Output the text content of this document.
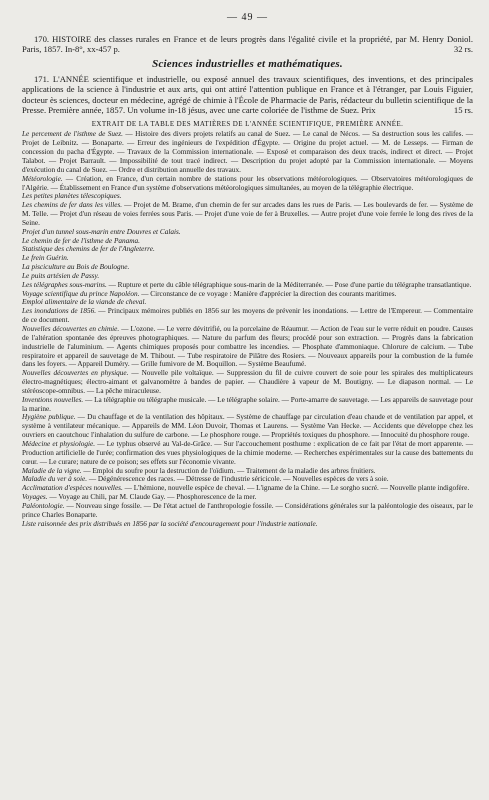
— 49 —

170. HISTOIRE des classes rurales en France et de leurs progrès dans l'égalité civile et la propriété, par M. Henry Doniol. Paris, 1857. In-8°, xx-457 p.	32 rs.

Sciences industrielles et mathématiques.

171. L'ANNÉE scientifique et industrielle, ou exposé annuel des travaux scientifiques, des inventions, et des principales applications de la science à l'industrie et aux arts, qui ont attiré l'attention publique en France et à l'étranger, par Louis Figuier, docteur ès sciences, docteur en médecine, agrégé de chimie à l'École de Pharmacie de Paris, rédacteur du bulletin scientifique de la Presse. Première année, 1857. Un volume in-18 jésus, avec une carte coloriée de l'isthme de Suez. Prix	15 rs.

EXTRAIT DE LA TABLE DES MATIÈRES DE L'ANNÉE SCIENTIFIQUE, PREMIÈRE ANNÉE.

Le percement de l'isthme de Suez. — Histoire des divers projets relatifs au canal de Suez. — Le canal de Nécos. — Sa destruction sous les califes. — Projet de Leibnitz. — Bonaparte. — Erreur des ingénieurs de l'expédition d'Égypte. — Origine du projet actuel. — M. de Lesseps. — Firman de concession du pacha d'Égypte. — Travaux de la Commission internationale. — Exposé et comparaison des deux tracés, indirect et direct. — Projet Talabot. — Projet Barrault. — Impossibilité de tout tracé indirect. — Description du projet adopté par la Commission internationale. — Moyens d'exécution du canal de Suez. — Ordre et distribution annuelle des travaux.

Météorologie. — Création, en France, d'un certain nombre de stations pour les observations météorologiques. — Observatoires météorologiques de l'Algérie. — Établissement en France d'un système d'observations météorologiques simultanées, au moyen de la télégraphie électrique.

Les petites planètes télescopiques.

Les chemins de fer dans les villes. — Projet de M. Brame, d'un chemin de fer sur arcades dans les rues de Paris. — Les boulevards de fer. — Système de M. Telle. — Projet d'un réseau de voies ferrées sous Paris. — Projet d'une voie de fer à Bruxelles. — Autre projet d'une voie ferrée le long des rives de la Seine.

Projet d'un tunnel sous-marin entre Douvres et Calais.

Le chemin de fer de l'isthme de Panama.

Statistique des chemins de fer de l'Angleterre.

Le frein Guérin.

La pisciculture au Bois de Boulogne.

Le puits artésien de Passy.

Les télégraphes sous-marins. — Rupture et perte du câble télégraphique sous-marin de la Méditerranée. — Pose d'une partie du télégraphe transatlantique.

Voyage scientifique du prince Napoléon. — Circonstance de ce voyage : Manière d'apprécier la direction des courants maritimes.

Emploi alimentaire de la viande de cheval.

Les inondations de 1856. — Principaux mémoires publiés en 1856 sur les moyens de prévenir les inondations. — Lettre de l'Empereur. — Commentaire de ce document.

Nouvelles découvertes en chimie. — L'ozone. — Le verre dévitrifié, ou la porcelaine de Réaumur. — Action de l'eau sur le verre réduit en poudre. Causes de l'altération spontanée des épreuves photographiques. — Nature du parfum des fleurs; procédé pour son extraction. — Progrès dans la fabrication industrielle de l'aluminium. — Agents chimiques proposés pour combattre les incendies. — Phosphate d'ammoniaque. Chlorure de calcium. — Tube respiratoire et appareil de sauvetage de M. Thibout. — Tube respiratoire de Pilâtre des Rosiers. — Nouveaux appareils pour la combustion de la fumée dans les foyers. — Appareil Duméry. — Grille fumivore de M. Boquillon. — Système Beaufumé.

Nouvelles découvertes en physique. — Nouvelle pile voltaïque. — Suppression du fil de cuivre couvert de soie pour les spirales des multiplicateurs électro-magnétiques; électro-aimant et galvanomètre à bandes de papier. — Chaudière à vapeur de M. Boutigny. — Le diapason normal. — Le stéréoscope-omnibus. — La pêche miraculeuse.

Inventions nouvelles. — La télégraphie ou télégraphe musicale. — Le télégraphe solaire. — Porte-amarre de sauvetage. — Les appareils de sauvetage pour la marine.

Hygiène publique. — Du chauffage et de la ventilation des hôpitaux. — Système de chauffage par circulation d'eau chaude et de ventilation par appel, et système à ventilateur mécanique. — Appareils de MM. Léon Duvoir, Thomas et Laurens. — Système Van Hecke. — Accidents que développe chez les ouvriers en caoutchouc l'inhalation du sulfure de carbone. — Le phosphore rouge. — Propriétés toxiques du phosphore. — Innocuité du phosphore rouge.

Médecine et physiologie. — Le typhus observé au Val-de-Grâce. — Sur l'accouchement posthume : explication de ce fait par l'état de mort apparente. — Production artificielle de l'urée; confirmation des vues physiologiques de la chimie moderne. — Recherches expérimentales sur la cause des battements du cœur. — Le curare; nature de ce poison; ses effets sur l'économie vivante.

Maladie de la vigne. — Emploi du soufre pour la destruction de l'oïdium. — Traitement de la maladie des arbres fruitiers.

Maladie du ver à soie. — Dégénérescence des races. — Détresse de l'industrie séricicole. — Nouvelles espèces de vers à soie.

Acclimatation d'espèces nouvelles. — L'hémione, nouvelle espèce de cheval. — L'igname de la Chine. — Le sorgho sucré. — Nouvelle plante indigofère.

Voyages. — Voyage au Chili, par M. Claude Gay. — Phosphorescence de la mer.

Paléontologie. — Nouveau singe fossile. — De l'état actuel de l'anthropologie fossile. — Considérations générales sur la paléontologie des oiseaux, par le prince Charles Bonaparte.

Liste raisonnée des prix distribués en 1856 par la société d'encouragement pour l'industrie nationale.
